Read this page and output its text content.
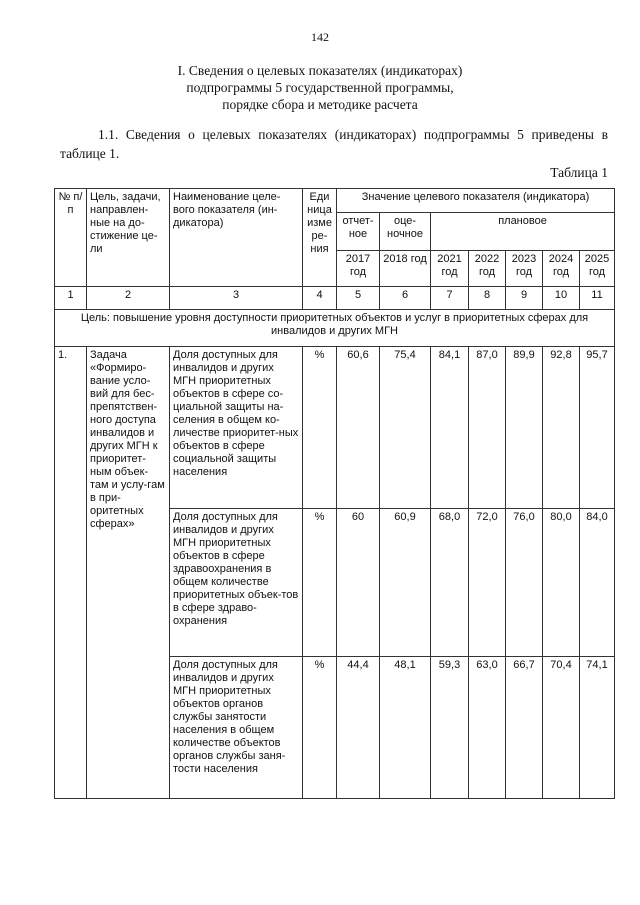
142
I. Сведения о целевых показателях (индикаторах)
подпрограммы 5 государственной программы,
порядке сбора и методике расчета
1.1. Сведения о целевых показателях (индикаторах) подпрограммы 5 приведены в таблице 1.
Таблица 1
№ п/п	Цель, задачи, направлен-ные на до-стижение це-ли	Наименование целе-вого показателя (ин-дикатора)	Еди ница изме ре-ния	Значение целевого показателя (индикатора)						
				отчет-ное	оце-ночное	плановое				
				2017 год	2018 год	2021 год	2022 год	2023 год	2024 год	2025 год
1	2	3	4	5	6	7	8	9	10	11
Цель: повышение уровня доступности приоритетных объектов и услуг в приоритетных сферах для инвалидов и других МГН										
1.	Задача «Формиро-вание усло-вий для бес-препятствен-ного доступа инвалидов и других МГН к приоритет-ным объек-там и услу-гам в при-оритетных сферах»	Доля доступных для инвалидов и других МГН приоритетных объектов в сфере со-циальной защиты на-селения в общем ко-личестве приоритет-ных объектов в сфере социальной защиты населения	%	60,6	75,4	84,1	87,0	89,9	92,8	95,7
		Доля доступных для инвалидов и других МГН приоритетных объектов в сфере здравоохранения в общем количестве приоритетных объек-тов в сфере здраво-охранения	%	60	60,9	68,0	72,0	76,0	80,0	84,0
		Доля доступных для инвалидов и других МГН приоритетных объектов органов службы занятости населения в общем количестве объектов органов службы заня-тости населения	%	44,4	48,1	59,3	63,0	66,7	70,4	74,1
